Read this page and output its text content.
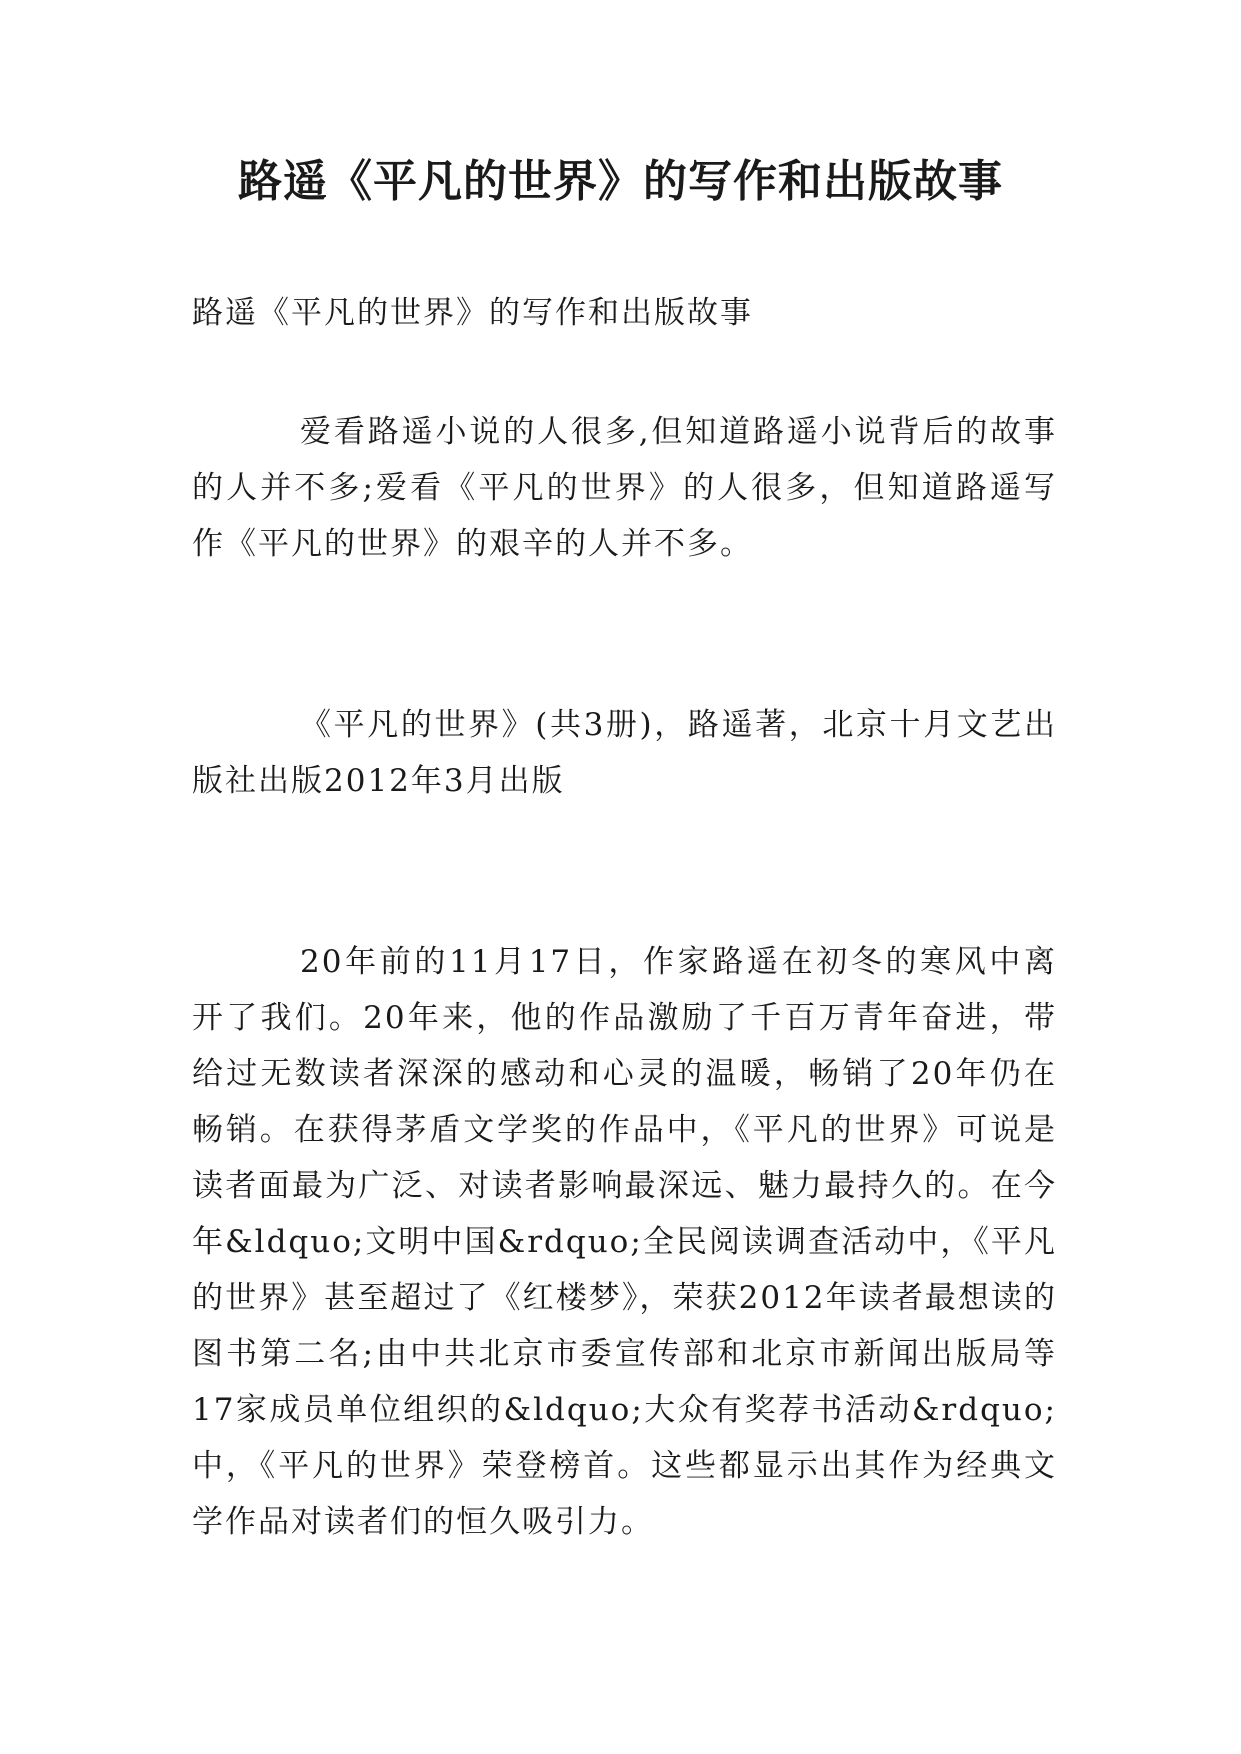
路遥《平凡的世界》的写作和出版故事

路遥《平凡的世界》的写作和出版故事

爱看路遥小说的人很多,但知道路遥小说背后的故事的人并不多;爱看《平凡的世界》的人很多，但知道路遥写作《平凡的世界》的艰辛的人并不多。

《平凡的世界》(共3册)，路遥著，北京十月文艺出版社出版2012年3月出版

20年前的11月17日，作家路遥在初冬的寒风中离开了我们。20年来，他的作品激励了千百万青年奋进，带给过无数读者深深的感动和心灵的温暖，畅销了20年仍在畅销。在获得茅盾文学奖的作品中，《平凡的世界》可说是读者面最为广泛、对读者影响最深远、魅力最持久的。在今年&ldquo;文明中国&rdquo;全民阅读调查活动中，《平凡的世界》甚至超过了《红楼梦》，荣获2012年读者最想读的图书第二名;由中共北京市委宣传部和北京市新闻出版局等17家成员单位组织的&ldquo;大众有奖荐书活动&rdquo;中，《平凡的世界》荣登榜首。这些都显示出其作为经典文学作品对读者们的恒久吸引力。
